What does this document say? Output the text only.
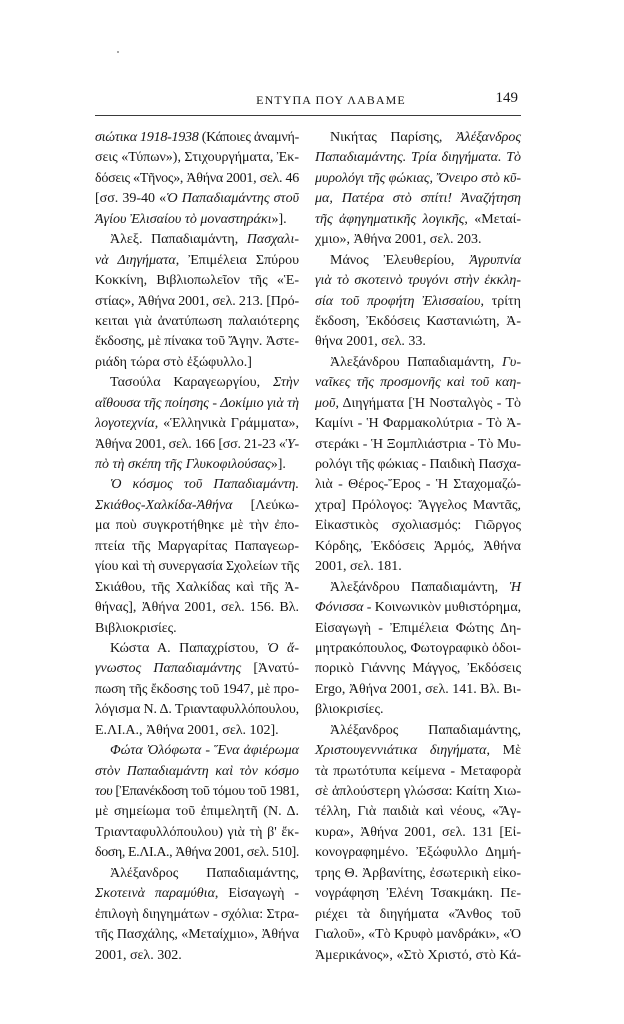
ΕΝΤΥΠΑ ΠΟΥ ΛΑΒΑΜΕ	149
σιώτικα 1918-1938 (Κάποιες ἀναμνή-
σεις «Τύπων»), Στιχουργήματα, Ἐκ-
δόσεις «Τῆνος», Ἀθήνα 2001, σελ. 46
[σσ. 39-40 «Ὁ Παπαδιαμάντης στοῦ
Ἁγίου Ἐλισαίου τὸ μοναστηράκι»].
Ἀλεξ. Παπαδιαμάντη, Πασχαλι-
νὰ Διηγήματα, Ἐπιμέλεια Σπύρου
Κοκκίνη, Βιβλιοπωλεῖον τῆς «Ἑ-
στίας», Ἀθήνα 2001, σελ. 213. [Πρό-
κειται γιὰ ἀνατύπωση παλαιότερης
ἔκδοσης, μὲ πίνακα τοῦ Ἄγην. Ἀστε-
ριάδη τώρα στὸ ἐξώφυλλο.]
Τασούλα Καραγεωργίου, Στὴν
αἴθουσα τῆς ποίησης - Δοκίμιο γιὰ τὴ
λογοτεχνία, «Ἑλληνικὰ Γράμματα»,
Ἀθήνα 2001, σελ. 166 [σσ. 21-23 «Ὑ-
πὸ τὴ σκέπη τῆς Γλυκοφιλούσας»].
Ὁ κόσμος τοῦ Παπαδιαμάντη.
Σκιάθος-Χαλκίδα-Ἀθήνα [Λεύκω-
μα ποὺ συγκροτήθηκε μὲ τὴν ἐπο-
πτεία τῆς Μαργαρίτας Παπαγεωρ-
γίου καὶ τὴ συνεργασία Σχολείων τῆς
Σκιάθου, τῆς Χαλκίδας καὶ τῆς Ἀ-
θήνας], Ἀθήνα 2001, σελ. 156. Βλ.
Βιβλιοκρισίες.
Κώστα Α. Παπαχρίστου, Ὁ ἄ-
γνωστος Παπαδιαμάντης [Ἀνατύ-
πωση τῆς ἔκδοσης τοῦ 1947, μὲ προ-
λόγισμα Ν. Δ. Τριανταφυλλόπουλου,
Ε.ΛΙ.Α., Ἀθήνα 2001, σελ. 102].
Φώτα Ὀλόφωτα - Ἕνα ἀφιέρωμα
στὸν Παπαδιαμάντη καὶ τὸν κόσμο
του [Ἐπανέκδοση τοῦ τόμου τοῦ 1981,
μὲ σημείωμα τοῦ ἐπιμελητῆ (Ν. Δ.
Τριανταφυλλόπουλου) γιὰ τὴ β' ἔκ-
δοση, Ε.ΛΙ.Α., Ἀθήνα 2001, σελ. 510].
Ἀλέξανδρος Παπαδιαμάντης,
Σκοτεινὰ παραμύθια, Εἰσαγωγὴ -
ἐπιλογὴ διηγημάτων - σχόλια: Στρα-
τῆς Πασχάλης, «Μεταίχμιο», Ἀθήνα
2001, σελ. 302.
Νικήτας Παρίσης, Ἀλέξανδρος
Παπαδιαμάντης. Τρία διηγήματα. Τὸ
μυρολόγι τῆς φώκιας, Ὄνειρο στὸ κῦ-
μα, Πατέρα στὸ σπίτι! Ἀναζήτηση
τῆς ἀφηγηματικῆς λογικῆς, «Μεταί-
χμιο», Ἀθήνα 2001, σελ. 203.
Μάνος Ἐλευθερίου, Ἀγρυπνία
γιὰ τὸ σκοτεινὸ τρυγόνι στὴν ἐκκλη-
σία τοῦ προφήτη Ἐλισσαίου, τρίτη
ἔκδοση, Ἐκδόσεις Καστανιώτη, Ἀ-
θήνα 2001, σελ. 33.
Ἀλεξάνδρου Παπαδιαμάντη, Γυ-
ναῖκες τῆς προσμονῆς καὶ τοῦ καη-
μοῦ, Διηγήματα [Ἡ Νοσταλγὸς - Τὸ
Καμίνι - Ἡ Φαρμακολύτρια - Τὸ Ἀ-
στεράκι - Ἡ Ξομπλιάστρια - Τὸ Μυ-
ρολόγι τῆς φώκιας - Παιδικὴ Πασχα-
λιὰ - Θέρος-Ἔρος - Ἡ Σταχομαζώ-
χτρα] Πρόλογος: Ἄγγελος Μαντᾶς,
Εἰκαστικὸς σχολιασμός: Γιῶργος
Κόρδης, Ἐκδόσεις Ἁρμός, Ἀθήνα
2001, σελ. 181.
Ἀλεξάνδρου Παπαδιαμάντη, Ἡ
Φόνισσα - Κοινωνικὸν μυθιστόρημα,
Εἰσαγωγὴ - Ἐπιμέλεια Φώτης Δη-
μητρακόπουλος, Φωτογραφικὸ ὁδοι-
πορικὸ Γιάννης Μάγγος, Ἐκδόσεις
Ergo, Ἀθήνα 2001, σελ. 141. Βλ. Βι-
βλιοκρισίες.
Ἀλέξανδρος Παπαδιαμάντης,
Χριστουγεννιάτικα διηγήματα, Μὲ
τὰ πρωτότυπα κείμενα - Μεταφορὰ
σὲ ἁπλούστερη γλώσσα: Καίτη Χιω-
τέλλη, Γιὰ παιδιὰ καὶ νέους, «Ἄγ-
κυρα», Ἀθήνα 2001, σελ. 131 [Εἰ-
κονογραφημένο. Ἐξώφυλλο Δημή-
τρης Θ. Ἀρβανίτης, ἐσωτερικὴ εἰκο-
νογράφηση Ἐλένη Τσακμάκη. Πε-
ριέχει τὰ διηγήματα «Ἄνθος τοῦ
Γιαλοῦ», «Τὸ Κρυφὸ μανδράκι», «Ὁ
Ἀμερικάνος», «Στὸ Χριστό, στὸ Κά-
